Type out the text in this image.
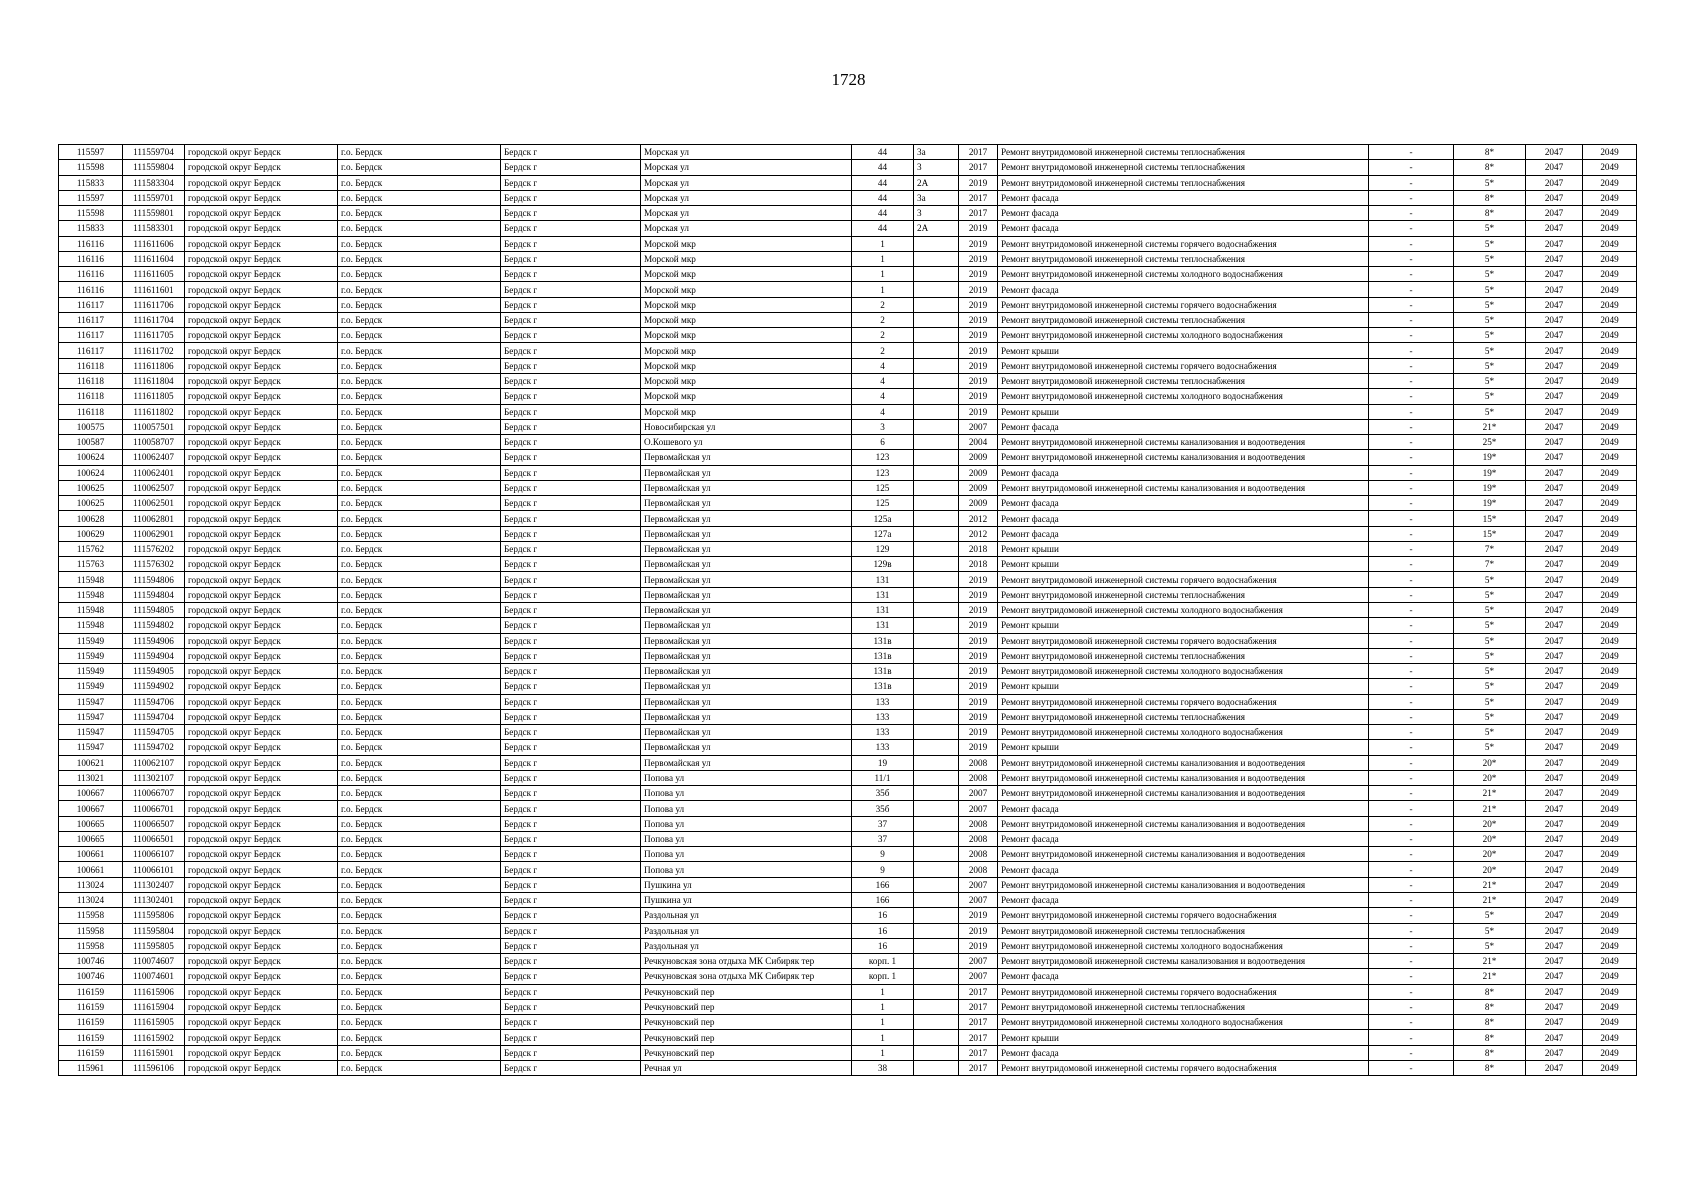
1728
115597	111559704	городской округ Бердск	г.о. Бердск	Бердск г	Морская ул	44	3а	2017	Ремонт внутридомовой инженерной системы теплоснабжения	-	8*	2047	2049
115598	111559804	городской округ Бердск	г.о. Бердск	Бердск г	Морская ул	44	3	2017	Ремонт внутридомовой инженерной системы теплоснабжения	-	8*	2047	2049
115833	111583304	городской округ Бердск	г.о. Бердск	Бердск г	Морская ул	44	2А	2019	Ремонт внутридомовой инженерной системы теплоснабжения	-	5*	2047	2049
115597	111559701	городской округ Бердск	г.о. Бердск	Бердск г	Морская ул	44	3а	2017	Ремонт фасада	-	8*	2047	2049
115598	111559801	городской округ Бердск	г.о. Бердск	Бердск г	Морская ул	44	3	2017	Ремонт фасада	-	8*	2047	2049
115833	111583301	городской округ Бердск	г.о. Бердск	Бердск г	Морская ул	44	2А	2019	Ремонт фасада	-	5*	2047	2049
116116	111611606	городской округ Бердск	г.о. Бердск	Бердск г	Морской мкр	1		2019	Ремонт внутридомовой инженерной системы горячего водоснабжения	-	5*	2047	2049
116116	111611604	городской округ Бердск	г.о. Бердск	Бердск г	Морской мкр	1		2019	Ремонт внутридомовой инженерной системы теплоснабжения	-	5*	2047	2049
116116	111611605	городской округ Бердск	г.о. Бердск	Бердск г	Морской мкр	1		2019	Ремонт внутридомовой инженерной системы холодного водоснабжения	-	5*	2047	2049
116116	111611601	городской округ Бердск	г.о. Бердск	Бердск г	Морской мкр	1		2019	Ремонт фасада	-	5*	2047	2049
116117	111611706	городской округ Бердск	г.о. Бердск	Бердск г	Морской мкр	2		2019	Ремонт внутридомовой инженерной системы горячего водоснабжения	-	5*	2047	2049
116117	111611704	городской округ Бердск	г.о. Бердск	Бердск г	Морской мкр	2		2019	Ремонт внутридомовой инженерной системы теплоснабжения	-	5*	2047	2049
116117	111611705	городской округ Бердск	г.о. Бердск	Бердск г	Морской мкр	2		2019	Ремонт внутридомовой инженерной системы холодного водоснабжения	-	5*	2047	2049
116117	111611702	городской округ Бердск	г.о. Бердск	Бердск г	Морской мкр	2		2019	Ремонт крыши	-	5*	2047	2049
116118	111611806	городской округ Бердск	г.о. Бердск	Бердск г	Морской мкр	4		2019	Ремонт внутридомовой инженерной системы горячего водоснабжения	-	5*	2047	2049
116118	111611804	городской округ Бердск	г.о. Бердск	Бердск г	Морской мкр	4		2019	Ремонт внутридомовой инженерной системы теплоснабжения	-	5*	2047	2049
116118	111611805	городской округ Бердск	г.о. Бердск	Бердск г	Морской мкр	4		2019	Ремонт внутридомовой инженерной системы холодного водоснабжения	-	5*	2047	2049
116118	111611802	городской округ Бердск	г.о. Бердск	Бердск г	Морской мкр	4		2019	Ремонт крыши	-	5*	2047	2049
100575	110057501	городской округ Бердск	г.о. Бердск	Бердск г	Новосибирская ул	3		2007	Ремонт фасада	-	21*	2047	2049
100587	110058707	городской округ Бердск	г.о. Бердск	Бердск г	О.Кошевого ул	6		2004	Ремонт внутридомовой инженерной системы канализования и водоотведения	-	25*	2047	2049
100624	110062407	городской округ Бердск	г.о. Бердск	Бердск г	Первомайская ул	123		2009	Ремонт внутридомовой инженерной системы канализования и водоотведения	-	19*	2047	2049
100624	110062401	городской округ Бердск	г.о. Бердск	Бердск г	Первомайская ул	123		2009	Ремонт фасада	-	19*	2047	2049
100625	110062507	городской округ Бердск	г.о. Бердск	Бердск г	Первомайская ул	125		2009	Ремонт внутридомовой инженерной системы канализования и водоотведения	-	19*	2047	2049
100625	110062501	городской округ Бердск	г.о. Бердск	Бердск г	Первомайская ул	125		2009	Ремонт фасада	-	19*	2047	2049
100628	110062801	городской округ Бердск	г.о. Бердск	Бердск г	Первомайская ул	125а		2012	Ремонт фасада	-	15*	2047	2049
100629	110062901	городской округ Бердск	г.о. Бердск	Бердск г	Первомайская ул	127а		2012	Ремонт фасада	-	15*	2047	2049
115762	111576202	городской округ Бердск	г.о. Бердск	Бердск г	Первомайская ул	129		2018	Ремонт крыши	-	7*	2047	2049
115763	111576302	городской округ Бердск	г.о. Бердск	Бердск г	Первомайская ул	129в		2018	Ремонт крыши	-	7*	2047	2049
115948	111594806	городской округ Бердск	г.о. Бердск	Бердск г	Первомайская ул	131		2019	Ремонт внутридомовой инженерной системы горячего водоснабжения	-	5*	2047	2049
115948	111594804	городской округ Бердск	г.о. Бердск	Бердск г	Первомайская ул	131		2019	Ремонт внутридомовой инженерной системы теплоснабжения	-	5*	2047	2049
115948	111594805	городской округ Бердск	г.о. Бердск	Бердск г	Первомайская ул	131		2019	Ремонт внутридомовой инженерной системы холодного водоснабжения	-	5*	2047	2049
115948	111594802	городской округ Бердск	г.о. Бердск	Бердск г	Первомайская ул	131		2019	Ремонт крыши	-	5*	2047	2049
115949	111594906	городской округ Бердск	г.о. Бердск	Бердск г	Первомайская ул	131в		2019	Ремонт внутридомовой инженерной системы горячего водоснабжения	-	5*	2047	2049
115949	111594904	городской округ Бердск	г.о. Бердск	Бердск г	Первомайская ул	131в		2019	Ремонт внутридомовой инженерной системы теплоснабжения	-	5*	2047	2049
115949	111594905	городской округ Бердск	г.о. Бердск	Бердск г	Первомайская ул	131в		2019	Ремонт внутридомовой инженерной системы холодного водоснабжения	-	5*	2047	2049
115949	111594902	городской округ Бердск	г.о. Бердск	Бердск г	Первомайская ул	131в		2019	Ремонт крыши	-	5*	2047	2049
115947	111594706	городской округ Бердск	г.о. Бердск	Бердск г	Первомайская ул	133		2019	Ремонт внутридомовой инженерной системы горячего водоснабжения	-	5*	2047	2049
115947	111594704	городской округ Бердск	г.о. Бердск	Бердск г	Первомайская ул	133		2019	Ремонт внутридомовой инженерной системы теплоснабжения	-	5*	2047	2049
115947	111594705	городской округ Бердск	г.о. Бердск	Бердск г	Первомайская ул	133		2019	Ремонт внутридомовой инженерной системы холодного водоснабжения	-	5*	2047	2049
115947	111594702	городской округ Бердск	г.о. Бердск	Бердск г	Первомайская ул	133		2019	Ремонт крыши	-	5*	2047	2049
100621	110062107	городской округ Бердск	г.о. Бердск	Бердск г	Первомайская ул	19		2008	Ремонт внутридомовой инженерной системы канализования и водоотведения	-	20*	2047	2049
113021	111302107	городской округ Бердск	г.о. Бердск	Бердск г	Попова ул	11/1		2008	Ремонт внутридомовой инженерной системы канализования и водоотведения	-	20*	2047	2049
100667	110066707	городской округ Бердск	г.о. Бердск	Бердск г	Попова ул	35б		2007	Ремонт внутридомовой инженерной системы канализования и водоотведения	-	21*	2047	2049
100667	110066701	городской округ Бердск	г.о. Бердск	Бердск г	Попова ул	35б		2007	Ремонт фасада	-	21*	2047	2049
100665	110066507	городской округ Бердск	г.о. Бердск	Бердск г	Попова ул	37		2008	Ремонт внутридомовой инженерной системы канализования и водоотведения	-	20*	2047	2049
100665	110066501	городской округ Бердск	г.о. Бердск	Бердск г	Попова ул	37		2008	Ремонт фасада	-	20*	2047	2049
100661	110066107	городской округ Бердск	г.о. Бердск	Бердск г	Попова ул	9		2008	Ремонт внутридомовой инженерной системы канализования и водоотведения	-	20*	2047	2049
100661	110066101	городской округ Бердск	г.о. Бердск	Бердск г	Попова ул	9		2008	Ремонт фасада	-	20*	2047	2049
113024	111302407	городской округ Бердск	г.о. Бердск	Бердск г	Пушкина ул	166		2007	Ремонт внутридомовой инженерной системы канализования и водоотведения	-	21*	2047	2049
113024	111302401	городской округ Бердск	г.о. Бердск	Бердск г	Пушкина ул	166		2007	Ремонт фасада	-	21*	2047	2049
115958	111595806	городской округ Бердск	г.о. Бердск	Бердск г	Раздольная ул	16		2019	Ремонт внутридомовой инженерной системы горячего водоснабжения	-	5*	2047	2049
115958	111595804	городской округ Бердск	г.о. Бердск	Бердск г	Раздольная ул	16		2019	Ремонт внутридомовой инженерной системы теплоснабжения	-	5*	2047	2049
115958	111595805	городской округ Бердск	г.о. Бердск	Бердск г	Раздольная ул	16		2019	Ремонт внутридомовой инженерной системы холодного водоснабжения	-	5*	2047	2049
100746	110074607	городской округ Бердск	г.о. Бердск	Бердск г	Речкуновская зона отдыха МК Сибиряк тер	корп. 1		2007	Ремонт внутридомовой инженерной системы канализования и водоотведения	-	21*	2047	2049
100746	110074601	городской округ Бердск	г.о. Бердск	Бердск г	Речкуновская зона отдыха МК Сибиряк тер	корп. 1		2007	Ремонт фасада	-	21*	2047	2049
116159	111615906	городской округ Бердск	г.о. Бердск	Бердск г	Речкуновский пер	1		2017	Ремонт внутридомовой инженерной системы горячего водоснабжения	-	8*	2047	2049
116159	111615904	городской округ Бердск	г.о. Бердск	Бердск г	Речкуновский пер	1		2017	Ремонт внутридомовой инженерной системы теплоснабжения	-	8*	2047	2049
116159	111615905	городской округ Бердск	г.о. Бердск	Бердск г	Речкуновский пер	1		2017	Ремонт внутридомовой инженерной системы холодного водоснабжения	-	8*	2047	2049
116159	111615902	городской округ Бердск	г.о. Бердск	Бердск г	Речкуновский пер	1		2017	Ремонт крыши	-	8*	2047	2049
116159	111615901	городской округ Бердск	г.о. Бердск	Бердск г	Речкуновский пер	1		2017	Ремонт фасада	-	8*	2047	2049
115961	111596106	городской округ Бердск	г.о. Бердск	Бердск г	Речная ул	38		2017	Ремонт внутридомовой инженерной системы горячего водоснабжения	-	8*	2047	2049
